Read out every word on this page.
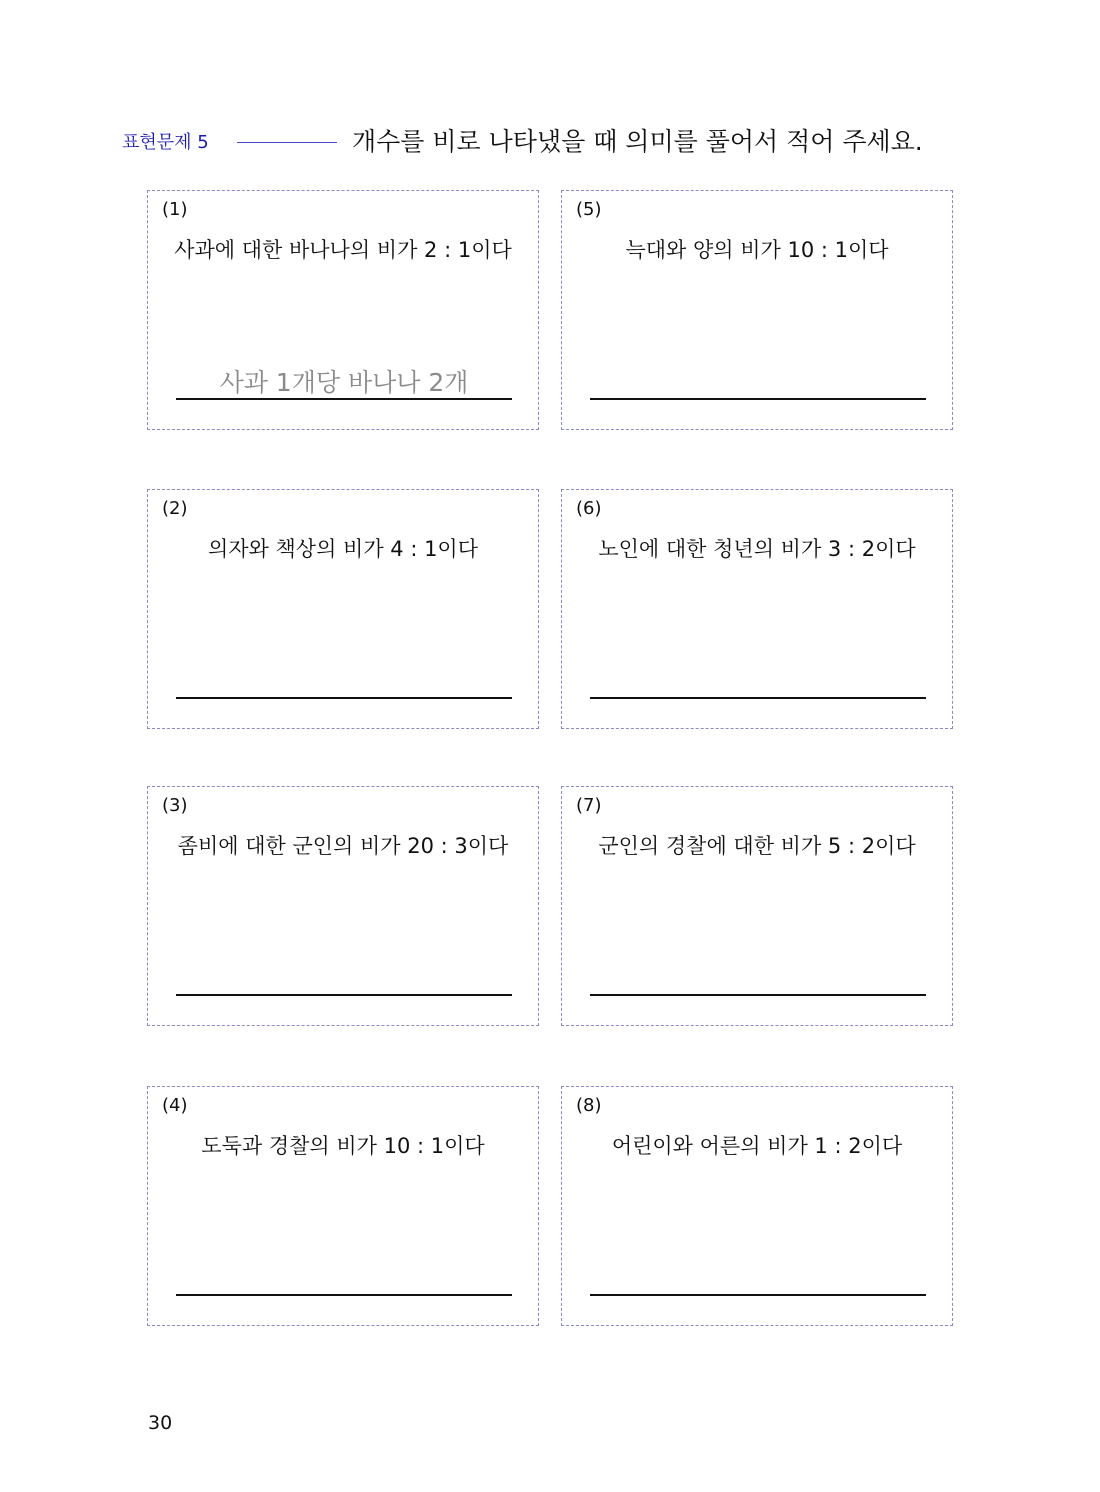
표현문제 5	개수를 비로 나타냈을 때 의미를 풀어서 적어 주세요.
(1)
사과에 대한 바나나의 비가 2 : 1이다
사과 1개당 바나나 2개
(5)
늑대와 양의 비가 10 : 1이다
(2)
의자와 책상의 비가 4 : 1이다
(6)
노인에 대한 청년의 비가 3 : 2이다
(3)
좀비에 대한 군인의 비가 20 : 3이다
(7)
군인의 경찰에 대한 비가 5 : 2이다
(4)
도둑과 경찰의 비가 10 : 1이다
(8)
어린이와 어른의 비가 1 : 2이다
30
